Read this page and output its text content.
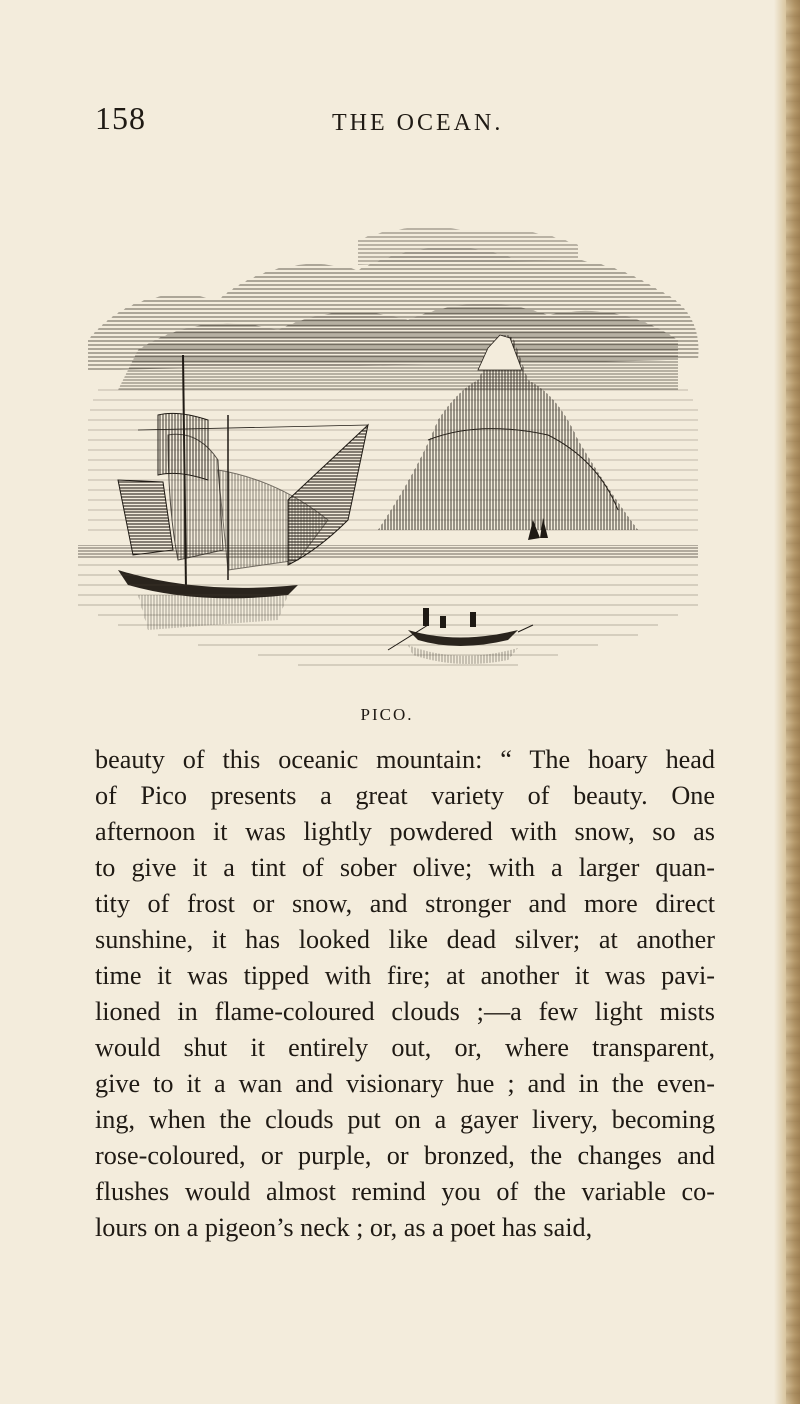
158	THE OCEAN.
PICO.
beauty of this oceanic mountain: “ The hoary head
of Pico presents a great variety of beauty. One
afternoon it was lightly powdered with snow, so as
to give it a tint of sober olive; with a larger quan-
tity of frost or snow, and stronger and more direct
sunshine, it has looked like dead silver; at another
time it was tipped with fire; at another it was pavi-
lioned in flame-coloured clouds ;—a few light mists
would shut it entirely out, or, where transparent,
give to it a wan and visionary hue ; and in the even-
ing, when the clouds put on a gayer livery, becoming
rose-coloured, or purple, or bronzed, the changes and
flushes would almost remind you of the variable co-
lours on a pigeon’s neck ; or, as a poet has said,
